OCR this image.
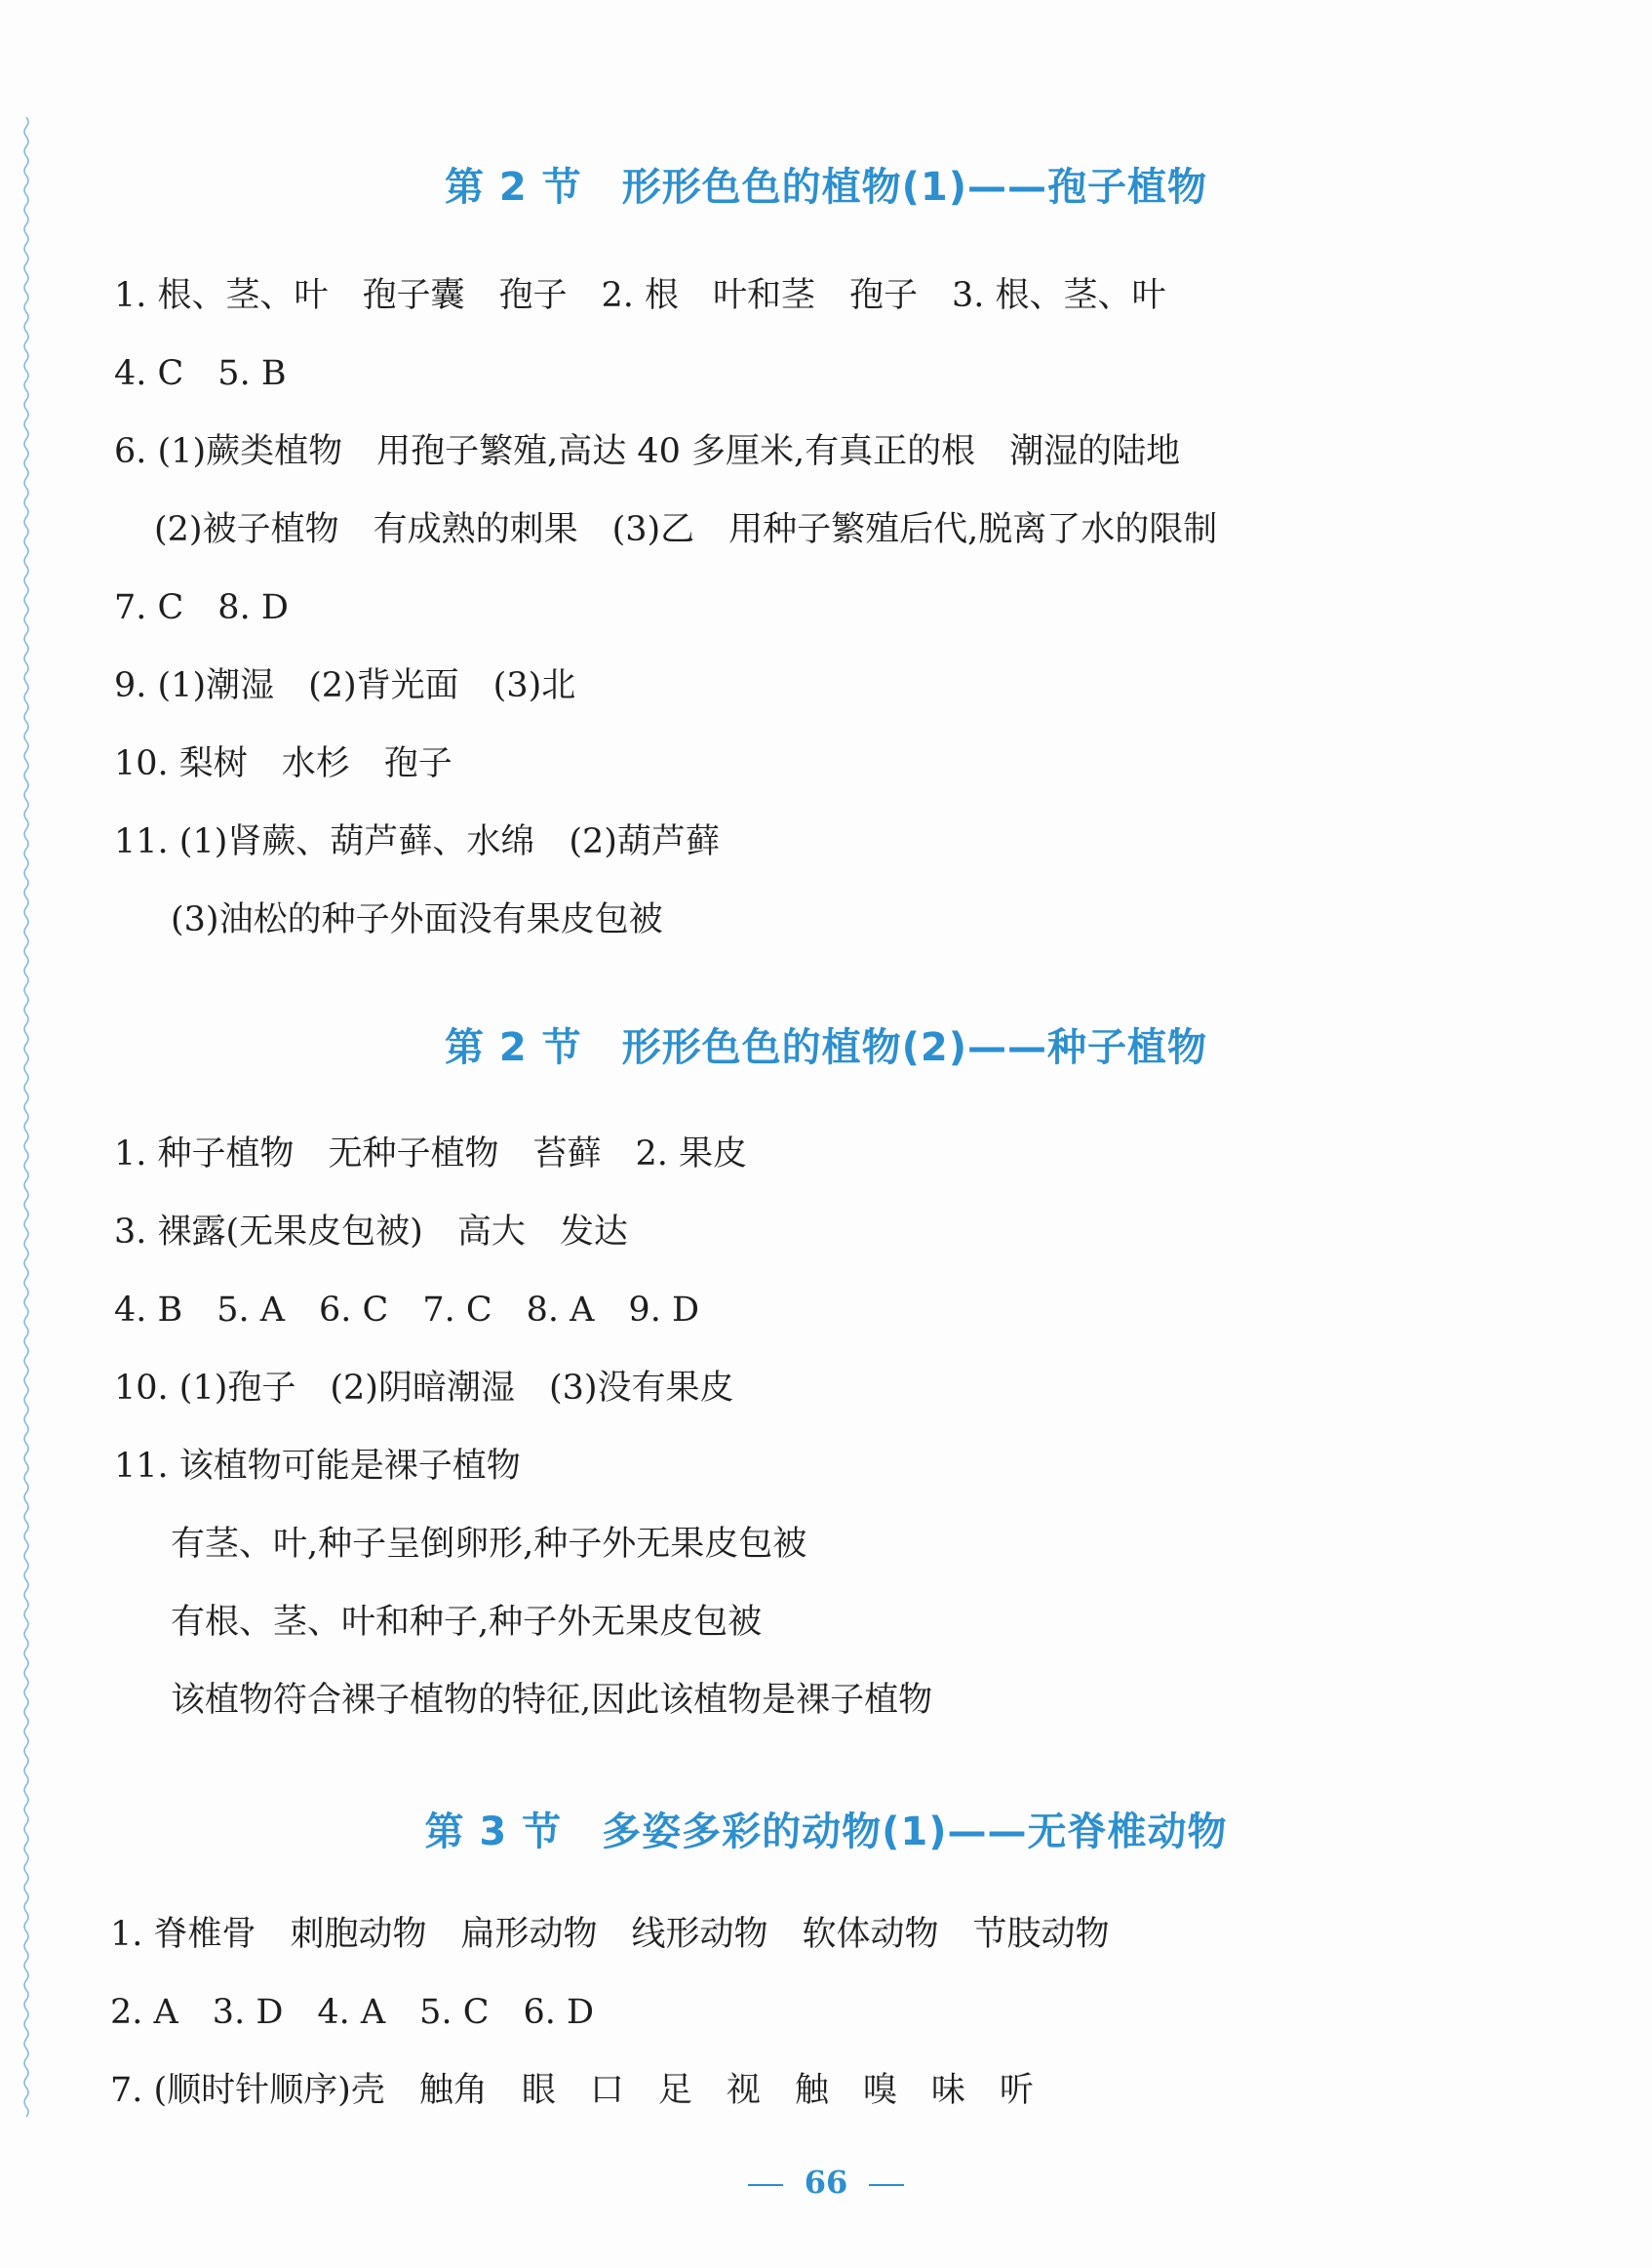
第 2 节　形形色色的植物(1)——孢子植物
1. 根、茎、叶　孢子囊　孢子　2. 根　叶和茎　孢子　3. 根、茎、叶
4. C　5. B
6. (1)蕨类植物　用孢子繁殖,高达 40 多厘米,有真正的根　潮湿的陆地
(2)被子植物　有成熟的刺果　(3)乙　用种子繁殖后代,脱离了水的限制
7. C　8. D
9. (1)潮湿　(2)背光面　(3)北
10. 梨树　水杉　孢子
11. (1)肾蕨、葫芦藓、水绵　(2)葫芦藓
(3)油松的种子外面没有果皮包被
第 2 节　形形色色的植物(2)——种子植物
1. 种子植物　无种子植物　苔藓　2. 果皮
3. 裸露(无果皮包被)　高大　发达
4. B　5. A　6. C　7. C　8. A　9. D
10. (1)孢子　(2)阴暗潮湿　(3)没有果皮
11. 该植物可能是裸子植物
有茎、叶,种子呈倒卵形,种子外无果皮包被
有根、茎、叶和种子,种子外无果皮包被
该植物符合裸子植物的特征,因此该植物是裸子植物
第 3 节　多姿多彩的动物(1)——无脊椎动物
1. 脊椎骨　刺胞动物　扁形动物　线形动物　软体动物　节肢动物
2. A　3. D　4. A　5. C　6. D
7. (顺时针顺序)壳　触角　眼　口　足　视　触　嗅　味　听
66
